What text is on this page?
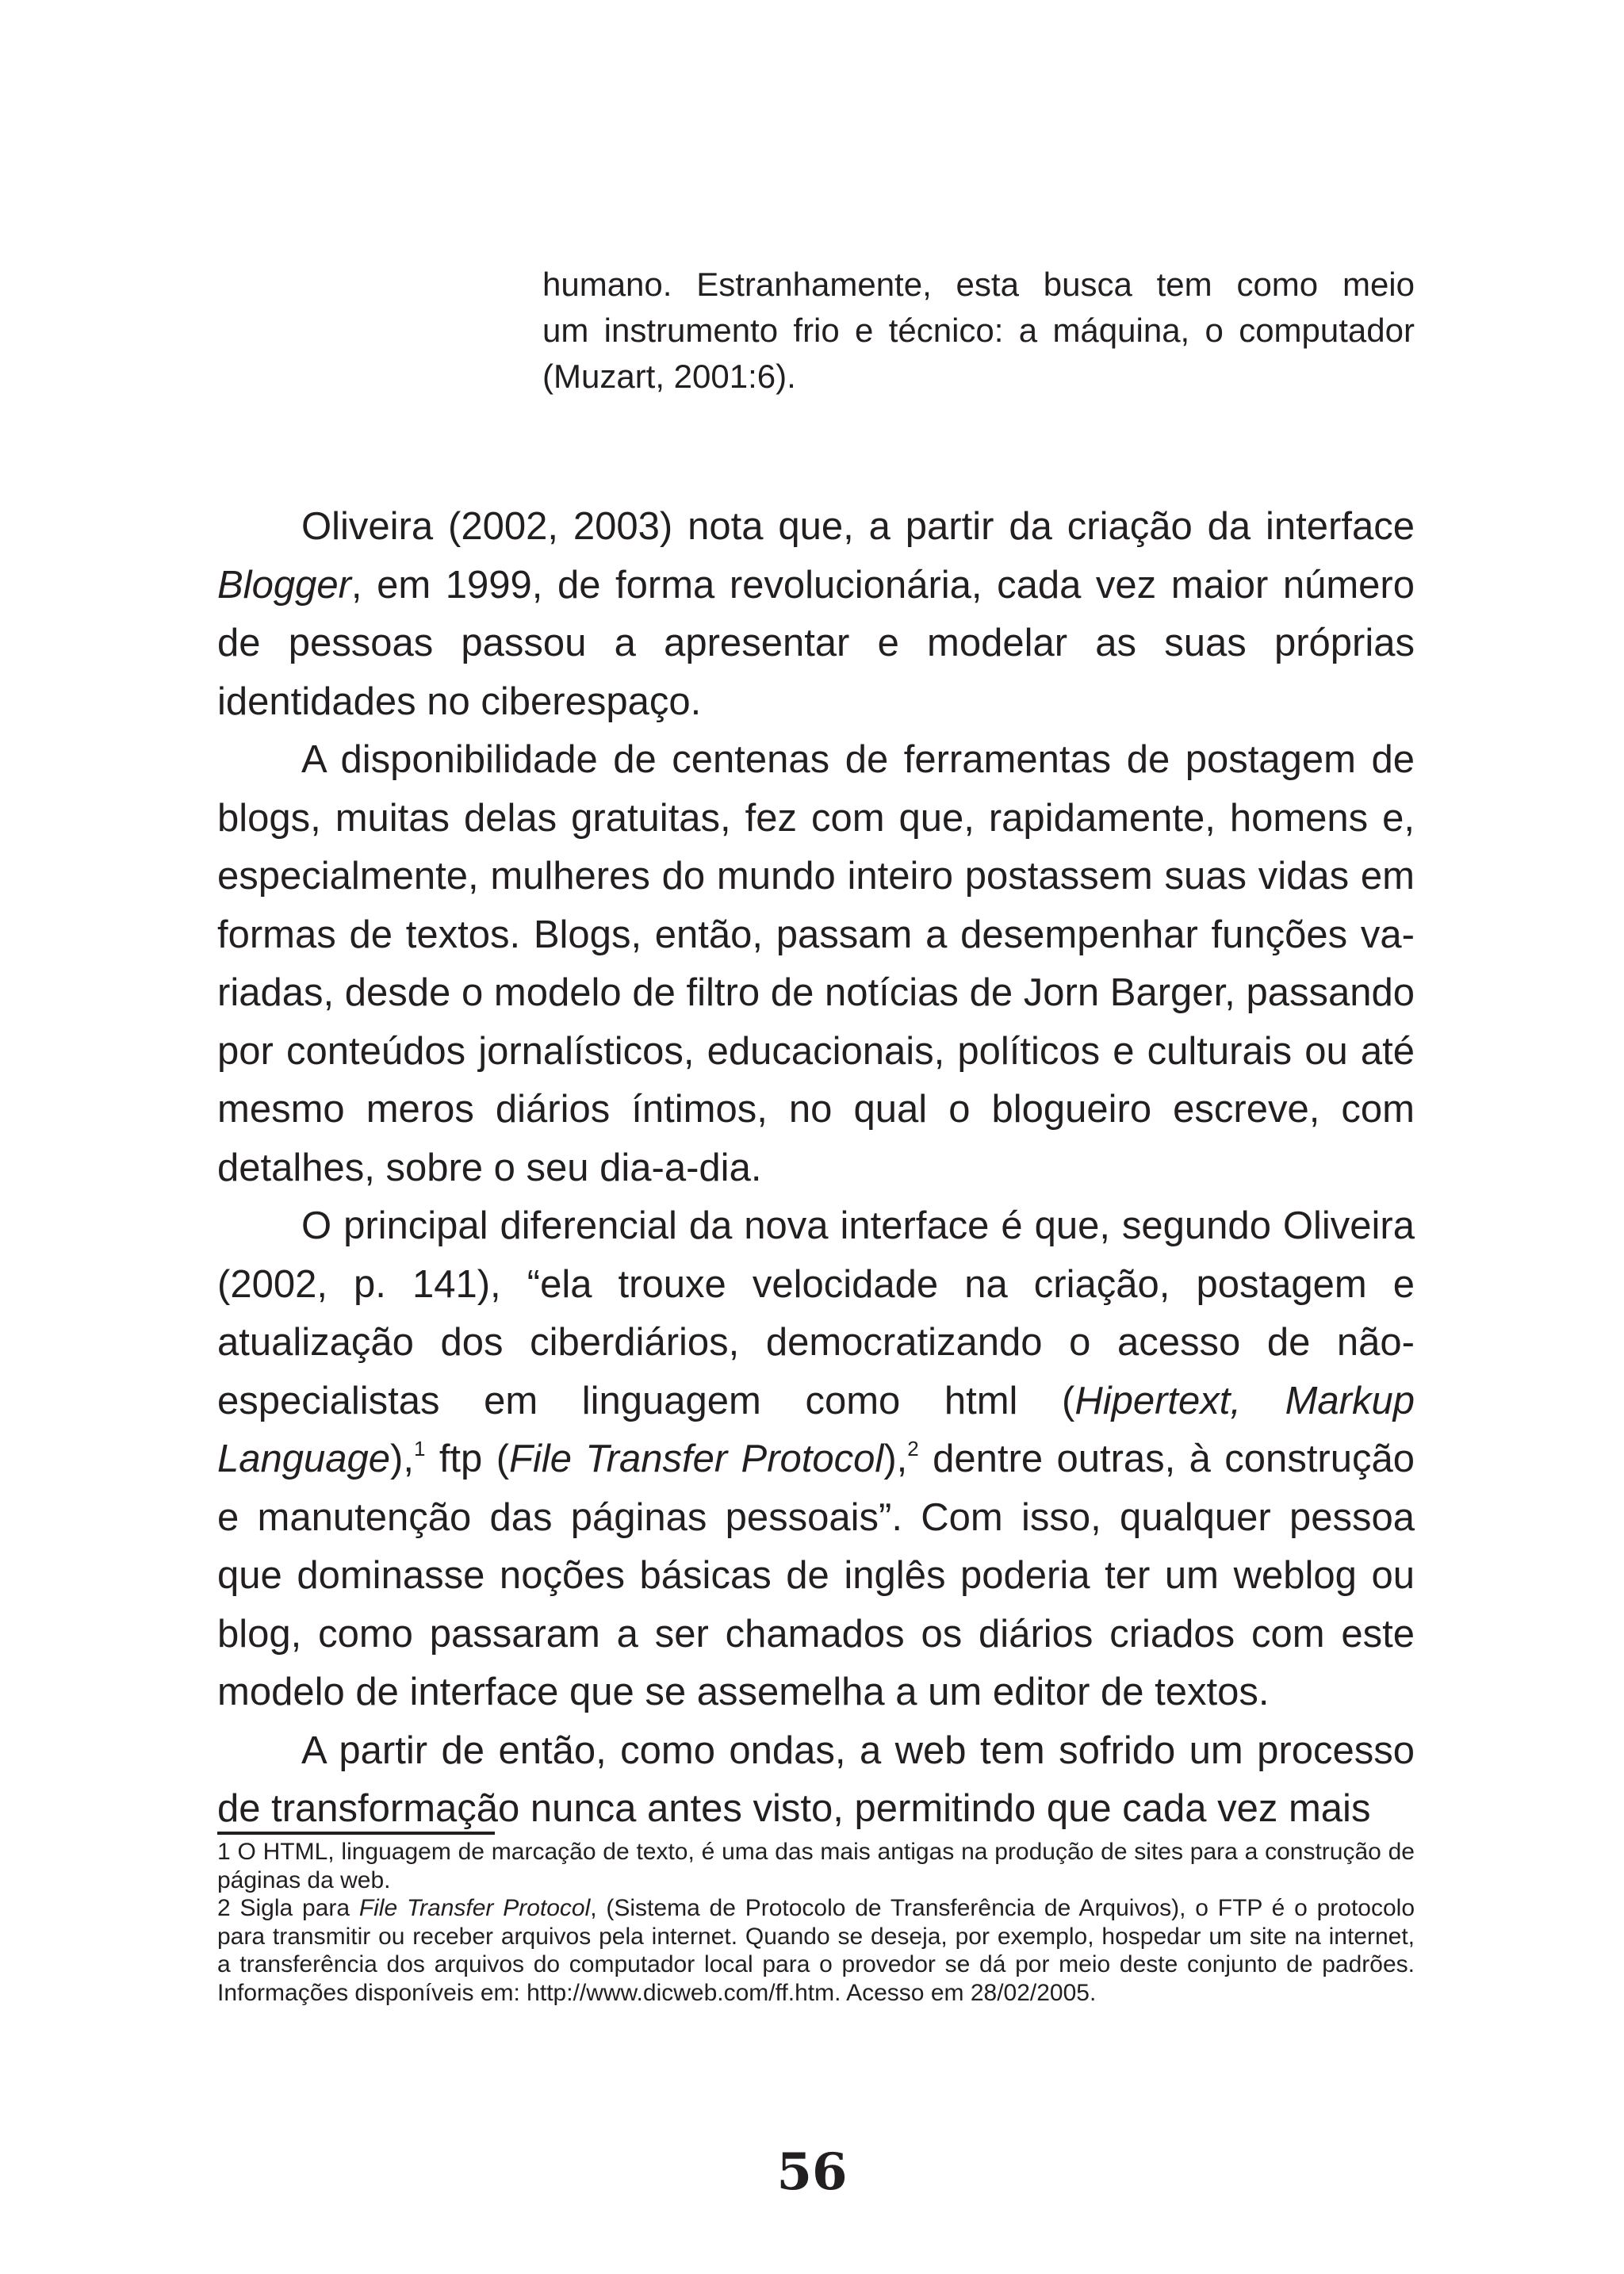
humano. Estranhamente, esta busca tem como meio
um instrumento frio e técnico: a máquina, o computador
(Muzart, 2001:6).

Oliveira (2002, 2003) nota que, a partir da criação da interface Blogger, em 1999, de forma revolucionária, cada vez maior número de pessoas passou a apresentar e modelar as suas próprias identidades no ciberespaço.

A disponibilidade de centenas de ferramentas de postagem de blogs, muitas delas gratuitas, fez com que, rapidamente, homens e, especialmente, mulheres do mundo inteiro postassem suas vidas em formas de textos. Blogs, então, passam a desempenhar funções variadas, desde o modelo de filtro de notícias de Jorn Barger, passando por conteúdos jornalísticos, educacionais, políticos e culturais ou até mesmo meros diários íntimos, no qual o blogueiro escreve, com detalhes, sobre o seu dia-a-dia.

O principal diferencial da nova interface é que, segundo Oliveira (2002, p. 141), “ela trouxe velocidade na criação, postagem e atualização dos ciberdiários, democratizando o acesso de não-especialistas em linguagem como html (Hipertext, Markup Language),$^1$ ftp (File Transfer Protocol),$^2$ dentre outras, à construção e manutenção das páginas pessoais”. Com isso, qualquer pessoa que dominasse noções básicas de inglês poderia ter um weblog ou blog, como passaram a ser chamados os diários criados com este modelo de interface que se assemelha a um editor de textos.

A partir de então, como ondas, a web tem sofrido um processo de transformação nunca antes visto, permitindo que cada vez mais

1 O HTML, linguagem de marcação de texto, é uma das mais antigas na produção de sites para a construção de páginas da web.

2 Sigla para File Transfer Protocol, (Sistema de Protocolo de Transferência de Arquivos), o FTP é o protocolo para transmitir ou receber arquivos pela internet. Quando se deseja, por exemplo, hospedar um site na internet, a transferência dos arquivos do computador local para o provedor se dá por meio deste conjunto de padrões. Informações disponíveis em: http://www.dicweb.com/ff.htm. Acesso em 28/02/2005.

56
